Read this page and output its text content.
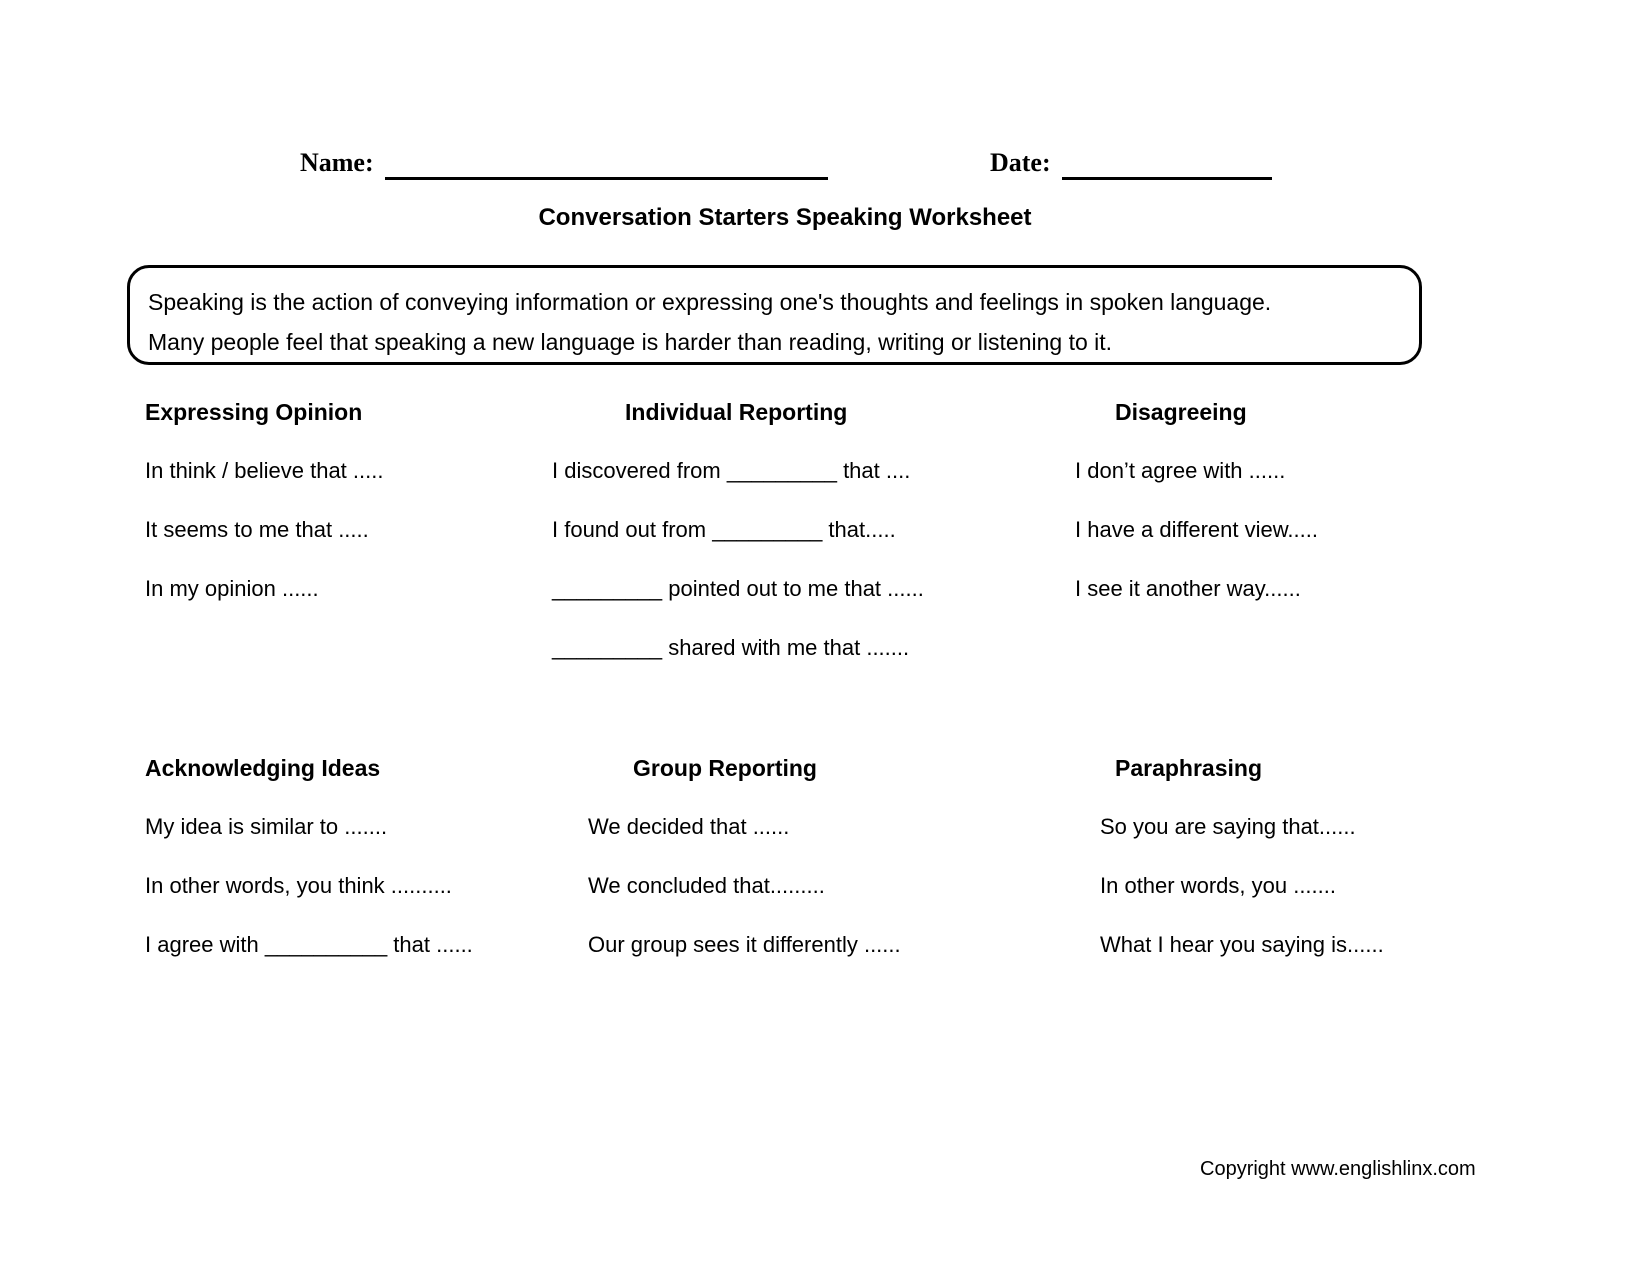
Name:	Date:
Conversation Starters Speaking Worksheet
Speaking is the action of conveying information or expressing one's thoughts and feelings in spoken language.
Many people feel that speaking a new language is harder than reading, writing or listening to it.
Expressing Opinion
In think / believe that .....
It seems to me that .....
In my opinion ......
Individual Reporting
I discovered from _________ that ....
I found out from _________ that.....
_________ pointed out to me that ......
_________ shared with me that .......
Disagreeing
I don’t agree with ......
I have a different view.....
I see it another way......
Acknowledging Ideas
My idea is similar to .......
In other words, you think ..........
I agree with __________ that ......
Group Reporting
We decided that ......
We concluded that.........
Our group sees it differently ......
Paraphrasing
So you are saying that......
In other words, you .......
What I hear you saying is......
Copyright www.englishlinx.com
